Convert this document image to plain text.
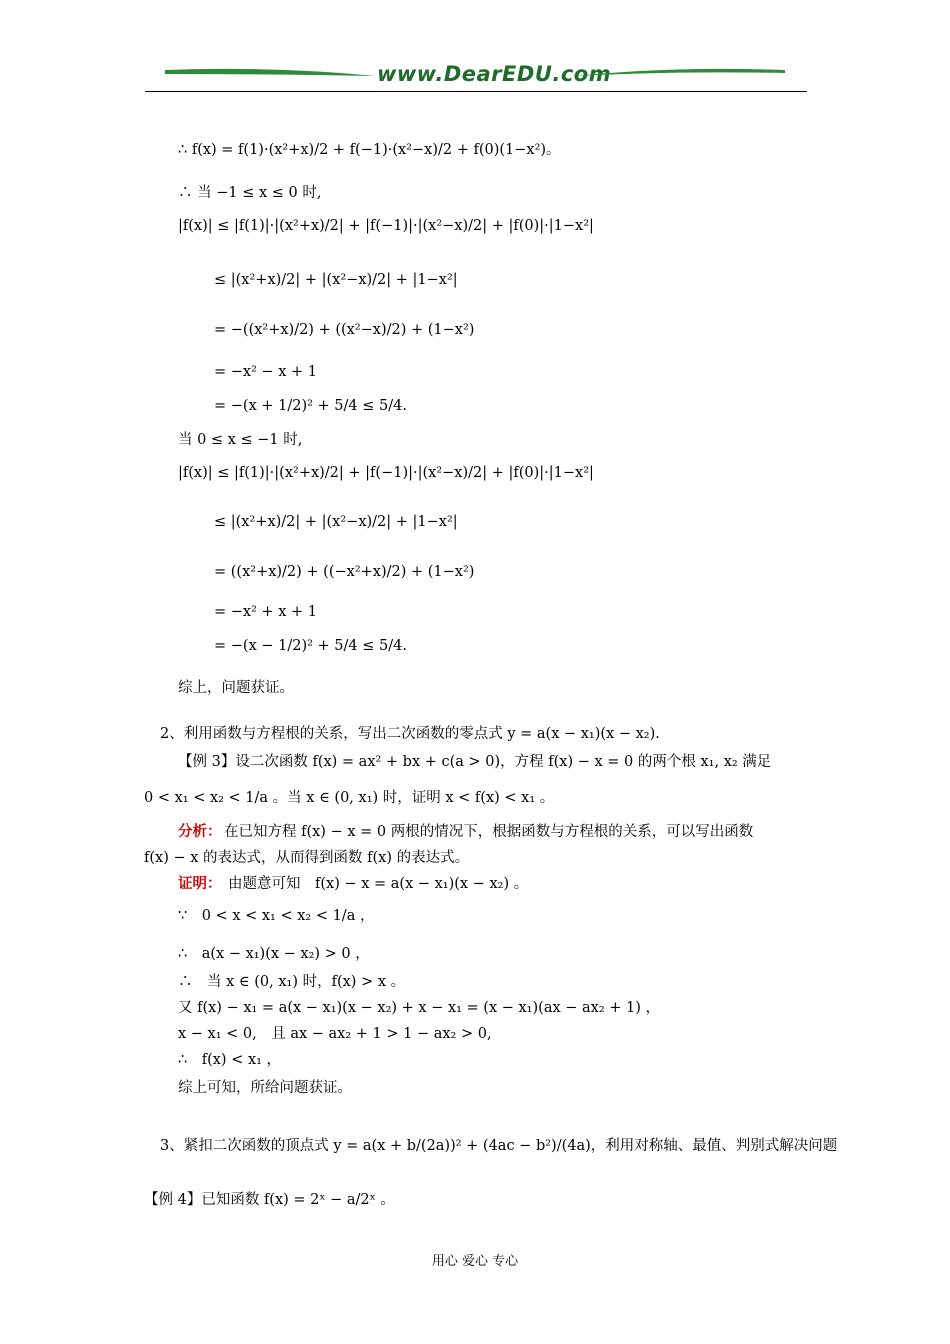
www.DearEDU.com
∴ f(x) = f(1)·(x²+x)/2 + f(−1)·(x²−x)/2 + f(0)(1−x²)。
∴ 当 −1 ≤ x ≤ 0 时,
|f(x)| ≤ |f(1)|·|(x²+x)/2| + |f(−1)|·|(x²−x)/2| + |f(0)|·|1−x²|
≤ |(x²+x)/2| + |(x²−x)/2| + |1−x²|
= −((x²+x)/2) + ((x²−x)/2) + (1−x²)
= −x² − x + 1
= −(x + 1/2)² + 5/4 ≤ 5/4.
当 0 ≤ x ≤ −1 时,
|f(x)| ≤ |f(1)|·|(x²+x)/2| + |f(−1)|·|(x²−x)/2| + |f(0)|·|1−x²|
≤ |(x²+x)/2| + |(x²−x)/2| + |1−x²|
= ((x²+x)/2) + ((−x²+x)/2) + (1−x²)
= −x² + x + 1
= −(x − 1/2)² + 5/4 ≤ 5/4.
综上，问题获证。
2、利用函数与方程根的关系，写出二次函数的零点式 y = a(x − x₁)(x − x₂).
【例 3】设二次函数 f(x) = ax² + bx + c(a > 0)，方程 f(x) − x = 0 的两个根 x₁, x₂ 满足
0 < x₁ < x₂ < 1/a 。当 x ∈ (0, x₁) 时，证明 x < f(x) < x₁ 。
分析： 在已知方程 f(x) − x = 0 两根的情况下，根据函数与方程根的关系，可以写出函数
f(x) − x 的表达式，从而得到函数 f(x) 的表达式。
证明： 由题意可知　f(x) − x = a(x − x₁)(x − x₂) 。
∵　0 < x < x₁ < x₂ < 1/a ，
∴　a(x − x₁)(x − x₂) > 0 ，
∴　当 x ∈ (0, x₁) 时，f(x) > x 。
又 f(x) − x₁ = a(x − x₁)(x − x₂) + x − x₁ = (x − x₁)(ax − ax₂ + 1) ，
x − x₁ < 0,　且 ax − ax₂ + 1 > 1 − ax₂ > 0,
∴　f(x) < x₁ ，
综上可知，所给问题获证。
3、紧扣二次函数的顶点式 y = a(x + b/(2a))² + (4ac − b²)/(4a)，利用对称轴、最值、判别式解决问题
【例 4】已知函数 f(x) = 2ˣ − a/2ˣ 。
用心 爱心 专心
